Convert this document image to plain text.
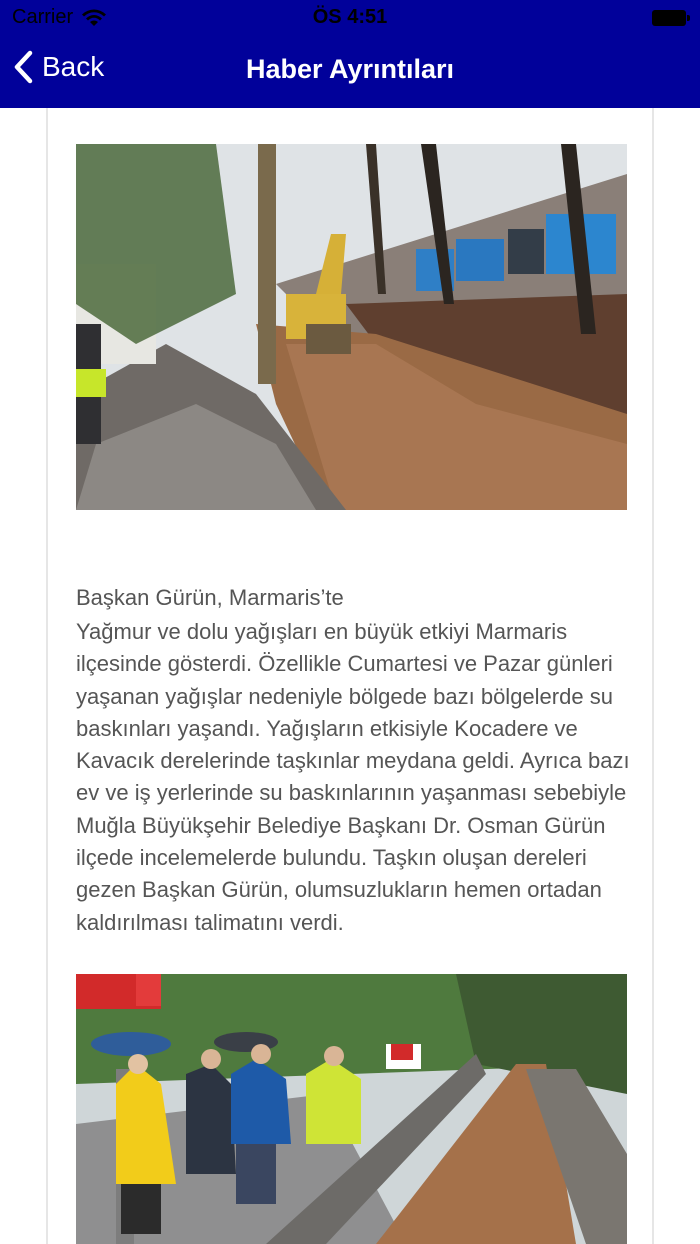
Carrier	ÖS 4:51
Back	Haber Ayrıntıları
Başkan Gürün, Marmaris’te
Yağmur ve dolu yağışları en büyük etkiyi Marmaris ilçesinde gösterdi. Özellikle Cumartesi ve Pazar günleri yaşanan yağışlar nedeniyle bölgede bazı bölgelerde su baskınları yaşandı. Yağışların etkisiyle Kocadere ve Kavacık derelerinde taşkınlar meydana geldi. Ayrıca bazı ev ve iş yerlerinde su baskınlarının yaşanması sebebiyle Muğla Büyükşehir Belediye Başkanı Dr. Osman Gürün ilçede incelemelerde bulundu. Taşkın oluşan dereleri gezen Başkan Gürün, olumsuzlukların hemen ortadan kaldırılması talimatını verdi.
